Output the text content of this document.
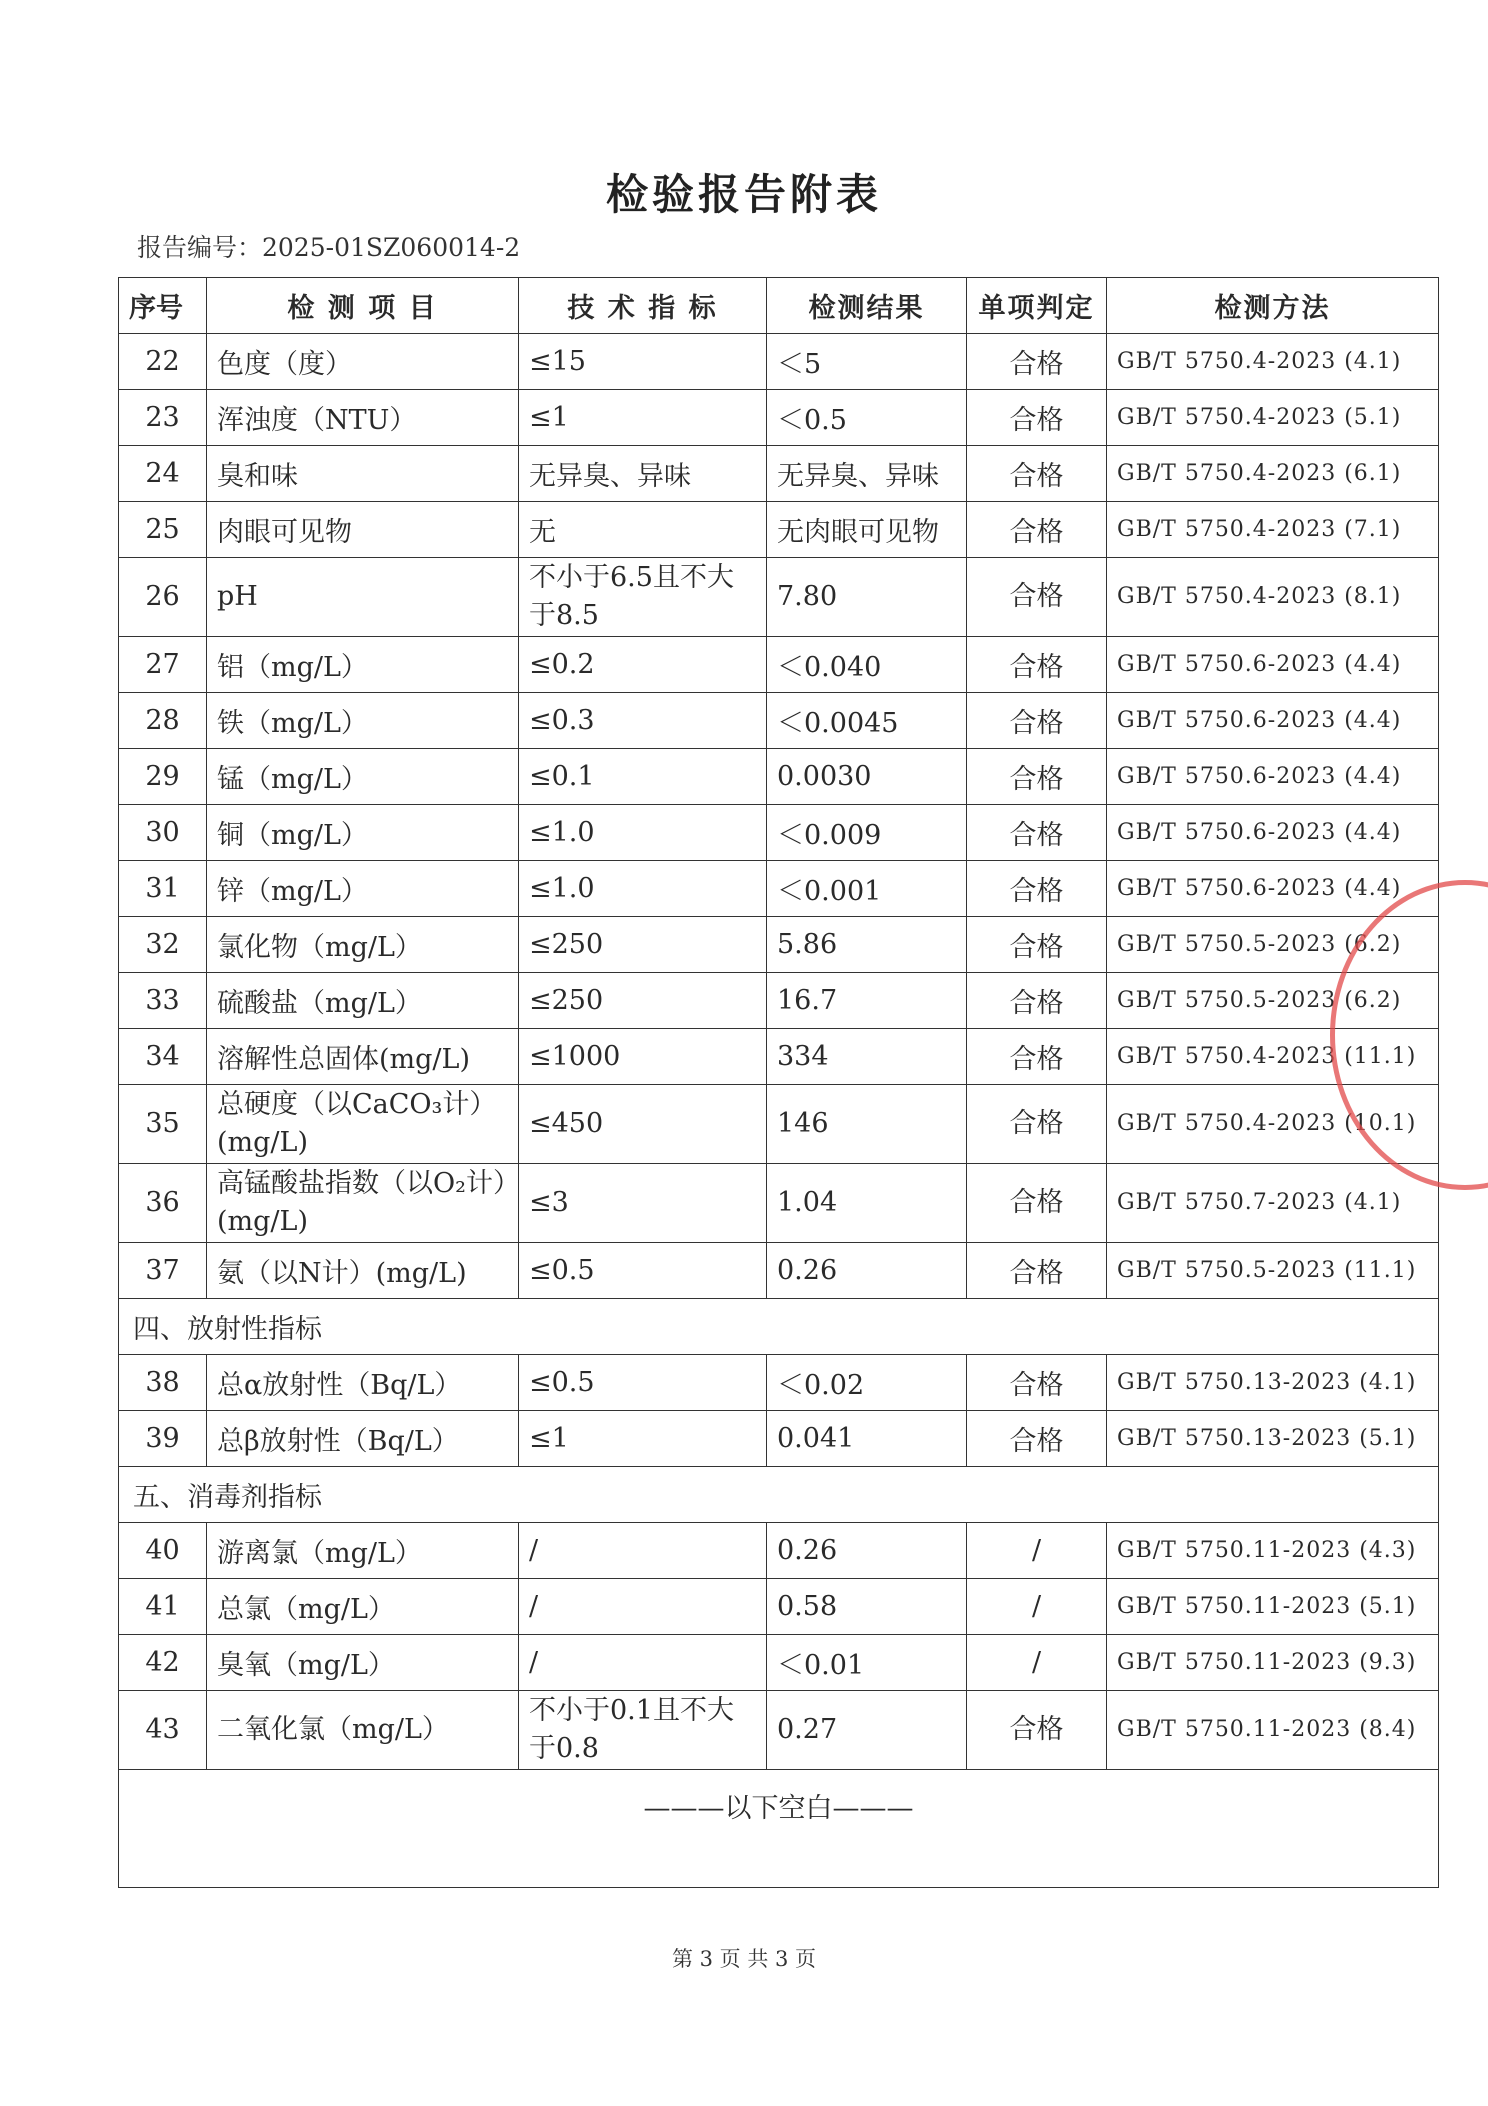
检验报告附表
报告编号：2025-01SZ060014-2
序号	检 测 项 目	技 术 指 标	检测结果	单项判定	检测方法
22	色度（度）	≤15	＜5	合格	GB/T 5750.4-2023 (4.1)
23	浑浊度（NTU）	≤1	＜0.5	合格	GB/T 5750.4-2023 (5.1)
24	臭和味	无异臭、异味	无异臭、异味	合格	GB/T 5750.4-2023 (6.1)
25	肉眼可见物	无	无肉眼可见物	合格	GB/T 5750.4-2023 (7.1)
26	pH	不小于6.5且不大于8.5	7.80	合格	GB/T 5750.4-2023 (8.1)
27	铝（mg/L）	≤0.2	＜0.040	合格	GB/T 5750.6-2023 (4.4)
28	铁（mg/L）	≤0.3	＜0.0045	合格	GB/T 5750.6-2023 (4.4)
29	锰（mg/L）	≤0.1	0.0030	合格	GB/T 5750.6-2023 (4.4)
30	铜（mg/L）	≤1.0	＜0.009	合格	GB/T 5750.6-2023 (4.4)
31	锌（mg/L）	≤1.0	＜0.001	合格	GB/T 5750.6-2023 (4.4)
32	氯化物（mg/L）	≤250	5.86	合格	GB/T 5750.5-2023 (6.2)
33	硫酸盐（mg/L）	≤250	16.7	合格	GB/T 5750.5-2023 (6.2)
34	溶解性总固体(mg/L)	≤1000	334	合格	GB/T 5750.4-2023 (11.1)
35	总硬度（以CaCO₃计）(mg/L)	≤450	146	合格	GB/T 5750.4-2023 (10.1)
36	高锰酸盐指数（以O₂计）(mg/L)	≤3	1.04	合格	GB/T 5750.7-2023 (4.1)
37	氨（以N计）(mg/L)	≤0.5	0.26	合格	GB/T 5750.5-2023 (11.1)
四、放射性指标					
38	总α放射性（Bq/L）	≤0.5	＜0.02	合格	GB/T 5750.13-2023 (4.1)
39	总β放射性（Bq/L）	≤1	0.041	合格	GB/T 5750.13-2023 (5.1)
五、消毒剂指标					
40	游离氯（mg/L）	/	0.26	/	GB/T 5750.11-2023 (4.3)
41	总氯（mg/L）	/	0.58	/	GB/T 5750.11-2023 (5.1)
42	臭氧（mg/L）	/	＜0.01	/	GB/T 5750.11-2023 (9.3)
43	二氧化氯（mg/L）	不小于0.1且不大于0.8	0.27	合格	GB/T 5750.11-2023 (8.4)
———以下空白———					
第 3 页 共 3 页
